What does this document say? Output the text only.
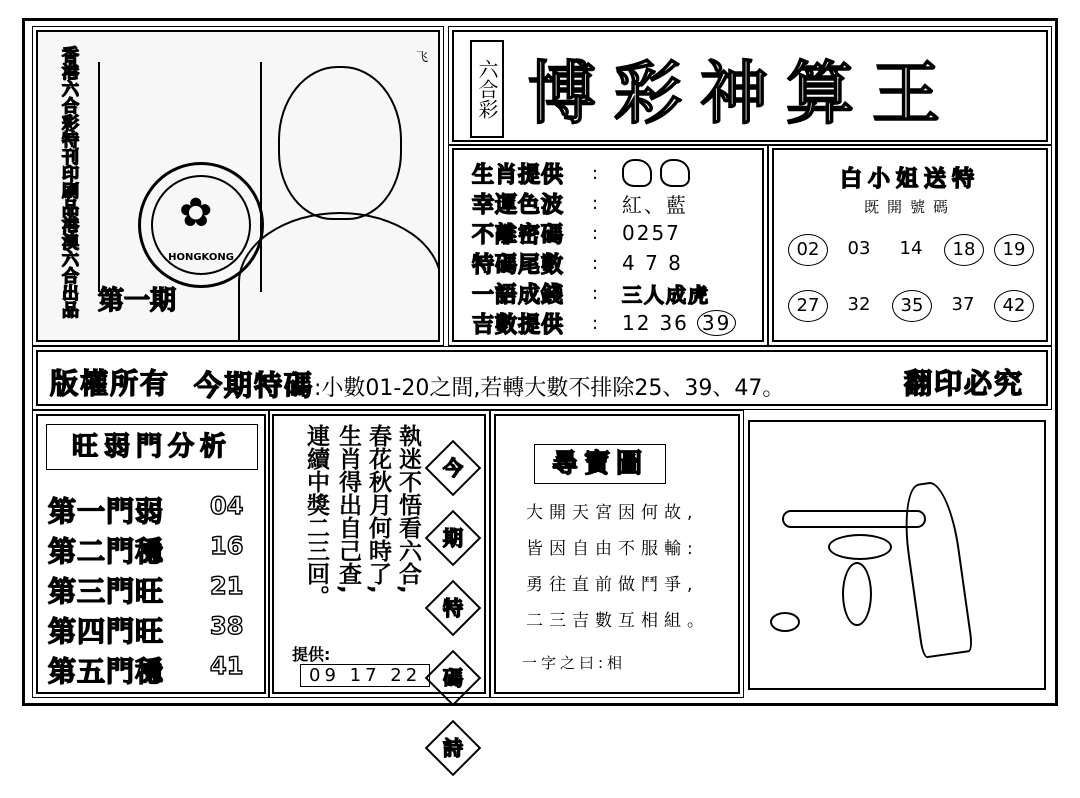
香港六合彩特刊印刷品港澳六合出品	✿
HONGKONG
第一期
飞
六合彩 博彩神算王
生肖提供	:
幸運色波	:	紅、藍
不離密碼	:	0257
特碼尾數	:	4 7 8
一語成錢	:	三人成虎
吉數提供	:	12 36 39
白小姐送特
既開號碼
02	03	14	18	19
27	32	35	37	42
版權所有 今期特碼:小數01-20之間,若轉大數不排除25、39、47。	翻印必究
旺弱門分析
第一門弱 04
第二門穩 16
第三門旺 21
第四門旺 38
第五門穩 41
執迷不悟看六合,
春花秋月何時了,
生肖得出自己查,
連續中獎二三回。	今
期
特
碼
詩
提供:
09 17 22
尋寶圖
大開天宮因何故,
皆因自由不服輸:
勇往直前做鬥爭,
二三吉數互相組。
一字之曰:相
